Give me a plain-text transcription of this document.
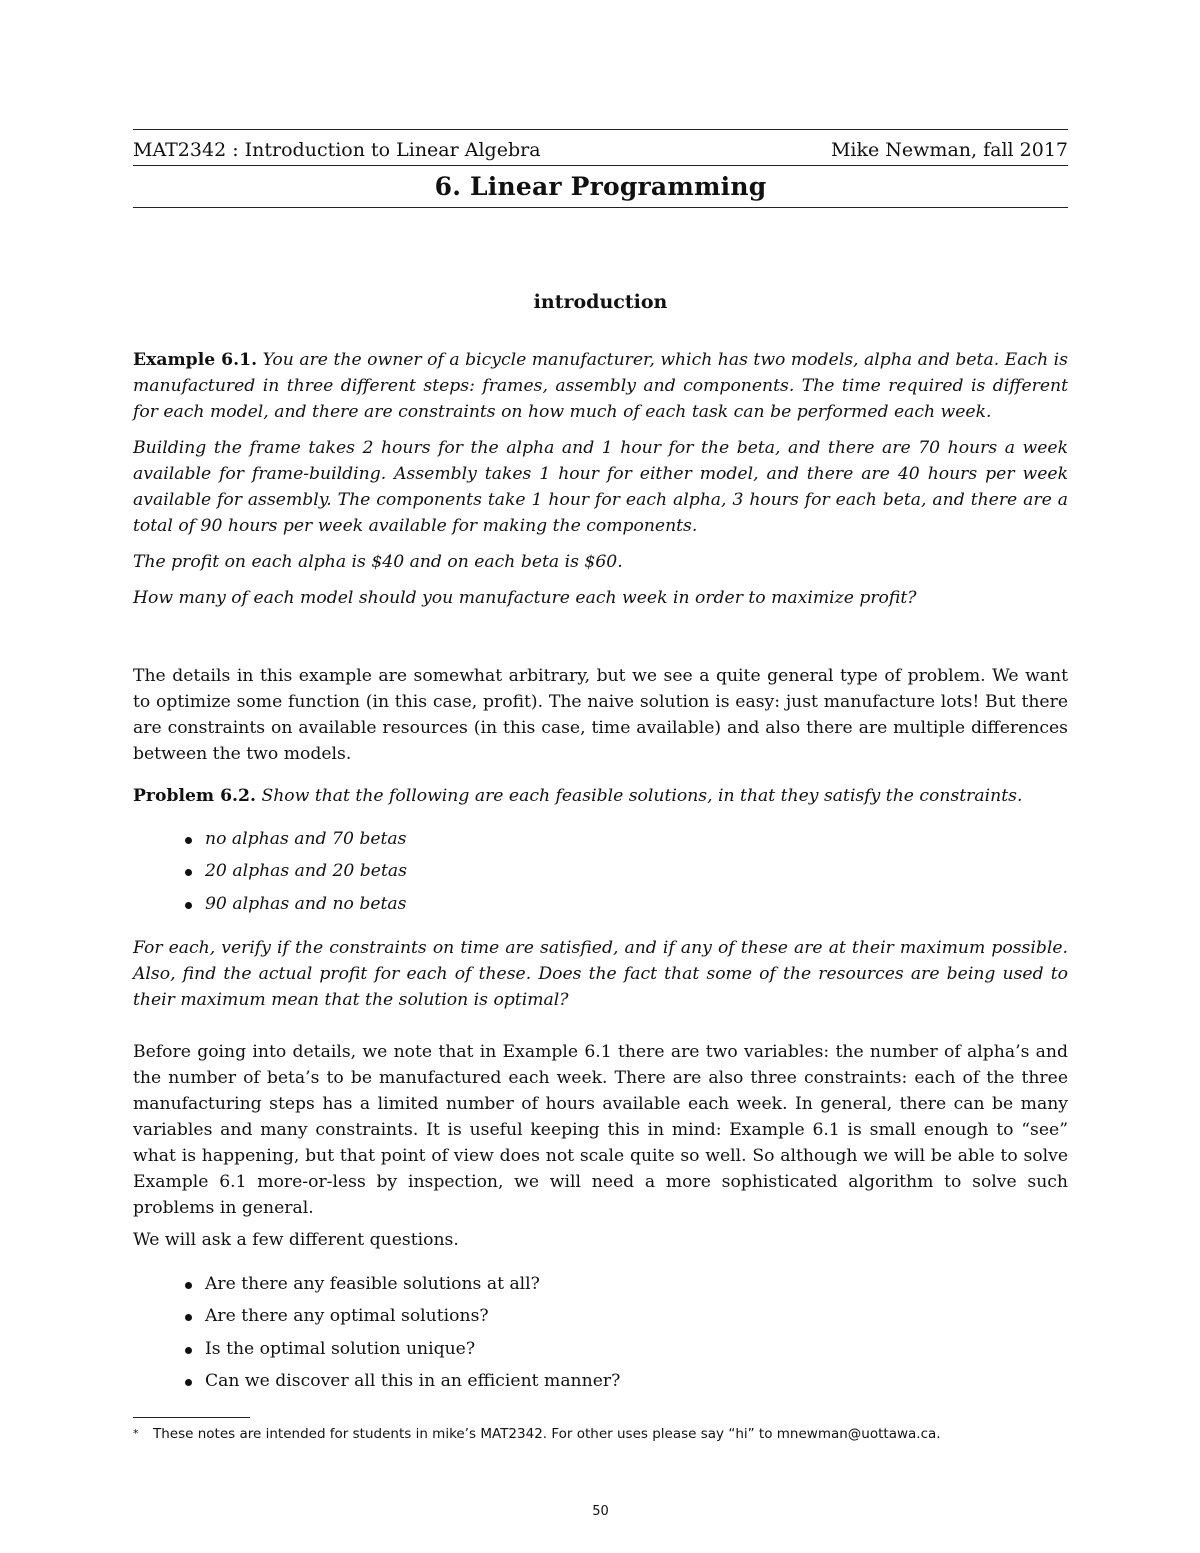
MAT2342 : Introduction to Linear Algebra	Mike Newman, fall 2017
6. Linear Programming
introduction

Example 6.1. You are the owner of a bicycle manufacturer, which has two models, alpha and beta. Each is manufactured in three different steps: frames, assembly and components. The time required is different for each model, and there are constraints on how much of each task can be performed each week.

Building the frame takes 2 hours for the alpha and 1 hour for the beta, and there are 70 hours a week available for frame-building. Assembly takes 1 hour for either model, and there are 40 hours per week available for assembly. The components take 1 hour for each alpha, 3 hours for each beta, and there are a total of 90 hours per week available for making the components.

The profit on each alpha is $40 and on each beta is $60.

How many of each model should you manufacture each week in order to maximize profit?

The details in this example are somewhat arbitrary, but we see a quite general type of problem. We want to optimize some function (in this case, profit). The naive solution is easy: just manufacture lots! But there are constraints on available resources (in this case, time available) and also there are multiple differences between the two models.

Problem 6.2. Show that the following are each feasible solutions, in that they satisfy the constraints.

no alphas and 70 betas
20 alphas and 20 betas
90 alphas and no betas

For each, verify if the constraints on time are satisfied, and if any of these are at their maximum possible. Also, find the actual profit for each of these. Does the fact that some of the resources are being used to their maximum mean that the solution is optimal?

Before going into details, we note that in Example 6.1 there are two variables: the number of alpha’s and the number of beta’s to be manufactured each week. There are also three constraints: each of the three manufacturing steps has a limited number of hours available each week. In general, there can be many variables and many constraints. It is useful keeping this in mind: Example 6.1 is small enough to “see” what is happening, but that point of view does not scale quite so well. So although we will be able to solve Example 6.1 more-or-less by inspection, we will need a more sophisticated algorithm to solve such problems in general.

We will ask a few different questions.

Are there any feasible solutions at all?
Are there any optimal solutions?
Is the optimal solution unique?
Can we discover all this in an efficient manner?
* These notes are intended for students in mike’s MAT2342. For other uses please say “hi” to mnewman@uottawa.ca.
50
